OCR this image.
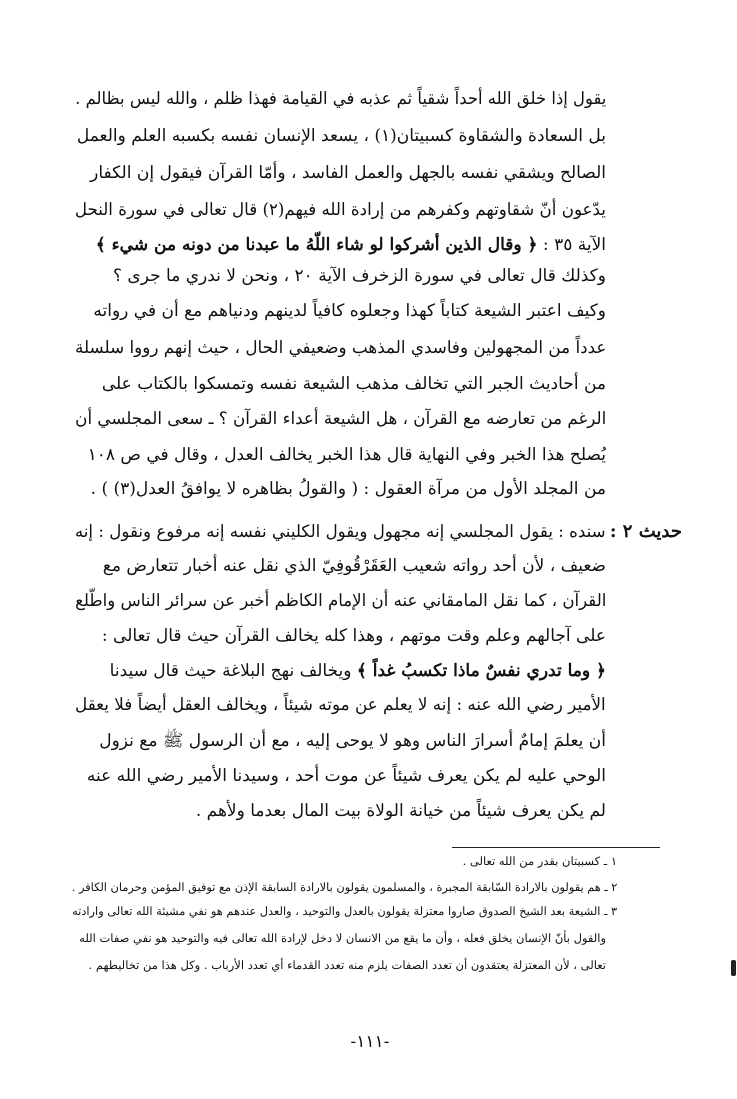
يقول إذا خلق الله أحداً شقياً ثم عذبه في القيامة فهذا ظلم ، والله ليس بظالم .
بل السعادة والشقاوة كسبيتان(١) ، يسعد الإنسان نفسه بكسبه العلم والعمل
الصالح ويشقي نفسه بالجهل والعمل الفاسد ، وأمّا القرآن فيقول إن الكفار
يدّعون أنّ شقاوتهم وكفرهم من إرادة الله فيهم(٢) قال تعالى في سورة النحل
الآية ٣٥ : ﴿ وقال الذين أشركوا لو شاء اللّهُ ما عبدنا من دونه من شيء ﴾
وكذلك قال تعالى في سورة الزخرف الآية ٢٠ ، ونحن لا ندري ما جرى ؟
وكيف اعتبر الشيعة كتاباً كهذا وجعلوه كافياً لدينهم ودنياهم مع أن في رواته
عدداً من المجهولين وفاسدي المذهب وضعيفي الحال ، حيث إنهم رووا سلسلة
من أحاديث الجبر التي تخالف مذهب الشيعة نفسه وتمسكوا بالكتاب على
الرغم من تعارضه مع القرآن ، هل الشيعة أعداء القرآن ؟ ـ سعى المجلسي أن
يُصلح هذا الخبر وفي النهاية قال هذا الخبر يخالف العدل ، وقال في ص ١٠٨
من المجلد الأول من مرآة العقول : ( والقولُ بظاهره لا يوافقُ العدل(٣) ) .
حديث ٢ :
سنده : يقول المجلسي إنه مجهول ويقول الكليني نفسه إنه مرفوع ونقول : إنه
ضعيف ، لأن أحد رواته شعيب العَقَرْقُوفِيّ الذي نقل عنه أخبار تتعارض مع
القرآن ، كما نقل المامقاني عنه أن الإمام الكاظم أخبر عن سرائر الناس واطّلع
على آجالهم وعلم وقت موتهم ، وهذا كله يخالف القرآن حيث قال تعالى :
﴿ وما تدري نفسٌ ماذا تكسبُ غداً ﴾ ويخالف نهج البلاغة حيث قال سيدنا
الأمير رضي الله عنه : إنه لا يعلم عن موته شيئاً ، ويخالف العقل أيضاً فلا يعقل
أن يعلمَ إمامٌ أسرارَ الناس وهو لا يوحى إليه ، مع أن الرسول ﷺ مع نزول
الوحي عليه لم يكن يعرف شيئاً عن موت أحد ، وسيدنا الأمير رضي الله عنه
لم يكن يعرف شيئاً من خيانة الولاة بيت المال بعدما ولأهم .
١ ـ كسبيتان بقدر من الله تعالى .
٢ ـ هم يقولون بالارادة السّابقة المجبرة ، والمسلمون يقولون بالارادة السابقة الإذن مع توفيق المؤمن وحرمان الكافر .
٣ ـ الشيعة بعد الشيخ الصدوق صاروا معتزلة يقولون بالعدل والتوحيد ، والعدل عندهم هو نفي مشيئة الله تعالى وارادته
والقول بأنّ الإنسان يخلق فعله ، وأن ما يقع من الانسان لا دخل لإرادة الله تعالى فيه والتوحيد هو نفي صفات الله
تعالى ، لأن المعتزلة يعتقدون أن تعدد الصفات يلزم منه تعدد القدماء أي تعدد الأرباب . وكل هذا من تخاليطهم .
-١١١-
